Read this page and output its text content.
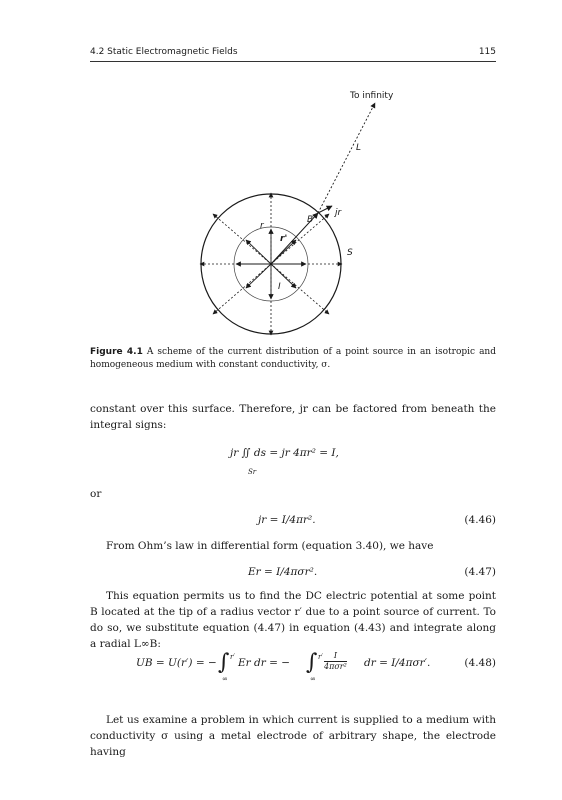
4.2 Static Electromagnetic Fields	115
To infinity
L
B
jr
r
r'
S
I
Figure 4.1 A scheme of the current distribution of a point source in an isotropic and homogeneous medium with constant conductivity, σ.
constant over this surface. Therefore, jr can be factored from beneath the integral signs:
jr ∬ ds = jr 4πr² = I,
Sr
or
jr = I/4πr².	(4.46)
From Ohm’s law in differential form (equation 3.40), we have
Er = I/4πσr².	(4.47)
This equation permits us to find the DC electric potential at some point B located at the tip of a radius vector r′ due to a point source of current. To do so, we substitute equation (4.47) in equation (4.43) and integrate along a radial L∞B:
UB = U(r′) = − ∫ r′
∞
Er dr = − ∫ r′
∞
I
4πσr² dr = I/4πσr′.	(4.48)
Let us examine a problem in which current is supplied to a medium with conductivity σ using a metal electrode of arbitrary shape, the electrode having
